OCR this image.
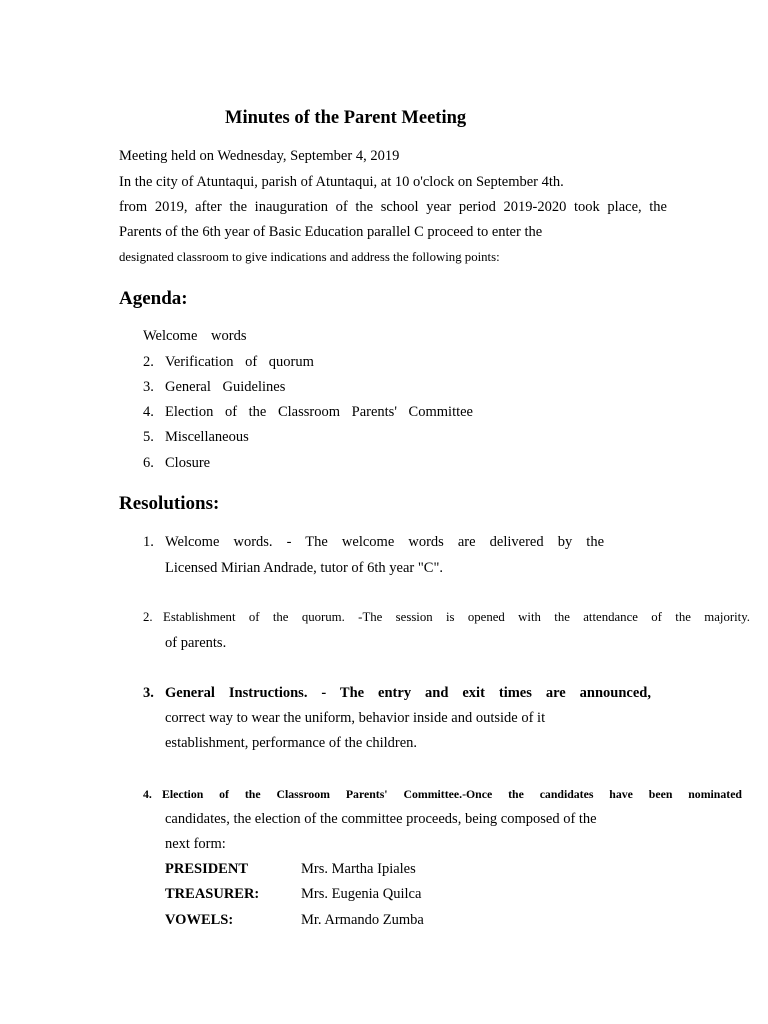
Minutes of the Parent Meeting
Meeting held on Wednesday, September 4, 2019
In the city of Atuntaqui, parish of Atuntaqui, at 10 o'clock on September 4th.
from 2019, after the inauguration of the school year period 2019-2020 took place, the
Parents of the 6th year of Basic Education parallel C proceed to enter the
designated classroom to give indications and address the following points:
Agenda:
Welcome words
2. Verification of quorum
3. General Guidelines
4. Election of the Classroom Parents' Committee
5. Miscellaneous
6. Closure
Resolutions:
1. Welcome words. - The welcome words are delivered by the
Licensed Mirian Andrade, tutor of 6th year "C".
2. Establishment of the quorum. -The session is opened with the attendance of the majority.
of parents.
3. General Instructions. - The entry and exit times are announced,
correct way to wear the uniform, behavior inside and outside of it
establishment, performance of the children.
4. Election of the Classroom Parents' Committee.-Once the candidates have been nominated
candidates, the election of the committee proceeds, being composed of the
next form:
PRESIDENT	Mrs. Martha Ipiales
TREASURER:	Mrs. Eugenia Quilca
VOWELS:	Mr. Armando Zumba
